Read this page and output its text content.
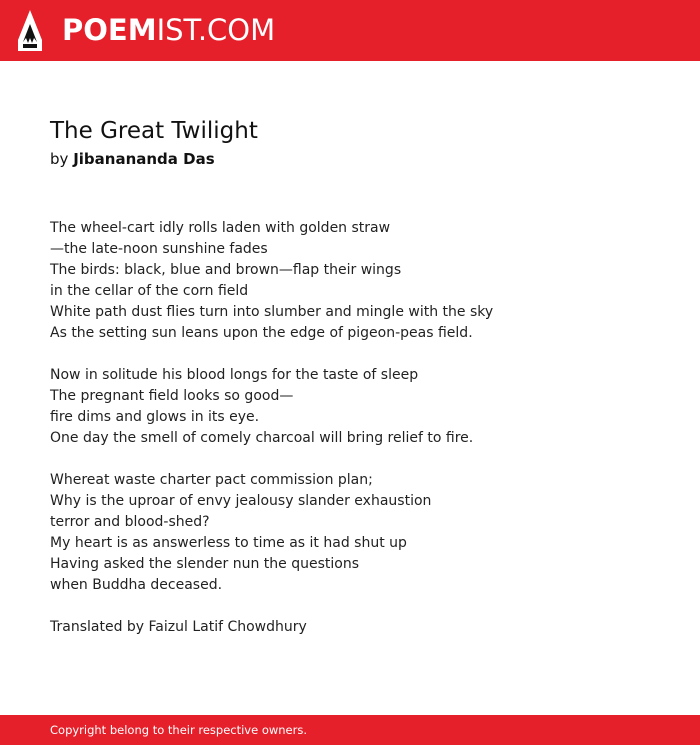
POEMIST.COM
The Great Twilight
by Jibanananda Das
The wheel-cart idly rolls laden with golden straw
—the late-noon sunshine fades
The birds: black, blue and brown—flap their wings
in the cellar of the corn field
White path dust flies turn into slumber and mingle with the sky
As the setting sun leans upon the edge of pigeon-peas field.
Now in solitude his blood longs for the taste of sleep
The pregnant field looks so good—
fire dims and glows in its eye.
One day the smell of comely charcoal will bring relief to fire.
Whereat waste charter pact commission plan;
Why is the uproar of envy jealousy slander exhaustion
terror and blood-shed?
My heart is as answerless to time as it had shut up
Having asked the slender nun the questions
when Buddha deceased.
Translated by Faizul Latif Chowdhury
Copyright belong to their respective owners.
